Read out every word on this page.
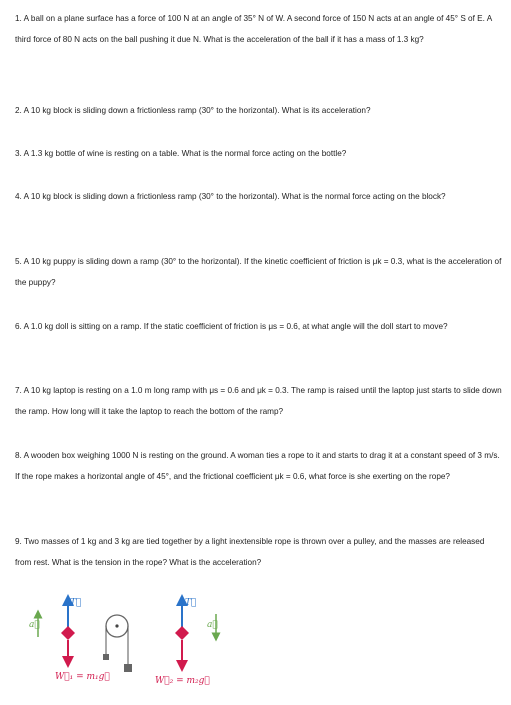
1. A ball on a plane surface has a force of 100 N at an angle of 35° N of W. A second force of 150 N acts at an angle of 45° S of E. A third force of 80 N acts on the ball pushing it due N. What is the acceleration of the ball if it has a mass of 1.3 kg?
2. A 10 kg block is sliding down a frictionless ramp (30° to the horizontal). What is its acceleration?
3. A 1.3 kg bottle of wine is resting on a table. What is the normal force acting on the bottle?
4. A 10 kg block is sliding down a frictionless ramp (30° to the horizontal). What is the normal force acting on the block?
5. A 10 kg puppy is sliding down a ramp (30° to the horizontal). If the kinetic coefficient of friction is μk = 0.3, what is the acceleration of the puppy?
6. A 1.0 kg doll is sitting on a ramp. If the static coefficient of friction is μs = 0.6, at what angle will the doll start to move?
7. A 10 kg laptop is resting on a 1.0 m long ramp with μs = 0.6 and μk = 0.3. The ramp is raised until the laptop just starts to slide down the ramp. How long will it take the laptop to reach the bottom of the ramp?
8. A wooden box weighing 1000 N is resting on the ground. A woman ties a rope to it and starts to drag it at a constant speed of 3 m/s. If the rope makes a horizontal angle of 45°, and the frictional coefficient μk = 0.6, what force is she exerting on the rope?
9. Two masses of 1 kg and 3 kg are tied together by a light inextensible rope is thrown over a pulley, and the masses are released from rest. What is the tension in the rope? What is the acceleration?
a⃗
T⃗
W⃗₁ = m₁g⃗
T⃗
a⃗
W⃗₂ = m₂g⃗
